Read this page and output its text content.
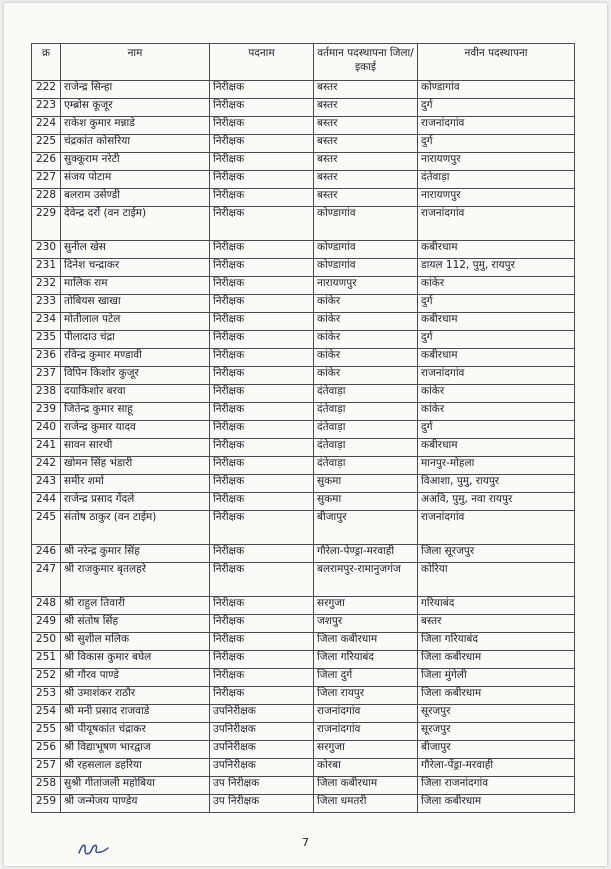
क्र	नाम	पदनाम	वर्तमान पदस्थापना जिला/ इकाई	नवीन पदस्थापना
222	राजेन्द्र सिन्हा	निरीक्षक	बस्तर	कोण्डागांव
223	एम्ब्रोस कूजूर	निरीक्षक	बस्तर	दुर्ग
224	राकेश कुमार मन्नाडे	निरीक्षक	बस्तर	राजनांदगांव
225	चंद्रकांत कोसरिया	निरीक्षक	बस्तर	दुर्ग
226	सुक्कूराम नरेटी	निरीक्षक	बस्तर	नारायणपुर
227	संजय पोटाम	निरीक्षक	बस्तर	दंतेवाड़ा
228	बलराम उसेण्डी	निरीक्षक	बस्तर	नारायणपुर
229	देवेन्द्र दर्रो (वन टाईम)	निरीक्षक	कोण्डागांव	राजनांदगांव
230	सुनील खेस	निरीक्षक	कोण्डागांव	कबीरधाम
231	दिनेश चन्द्राकर	निरीक्षक	कोण्डागांव	डायल 112, पुमु, रायपुर
232	मालिक राम	निरीक्षक	नारायणपुर	कांकेर
233	तोबियस खाखा	निरीक्षक	कांकेर	दुर्ग
234	मोतीलाल पटेल	निरीक्षक	कांकेर	कबीरधाम
235	पीलादाउ चंद्रा	निरीक्षक	कांकेर	दुर्ग
236	रविन्द्र कुमार मण्डावी	निरीक्षक	कांकेर	कबीरधाम
237	विपिन किशोर कुजूर	निरीक्षक	कांकेर	राजनांदगांव
238	दयाकिशोर बरवा	निरीक्षक	दंतेवाड़ा	कांकेर
239	जितेन्द्र कुमार साहू	निरीक्षक	दंतेवाड़ा	कांकेर
240	राजेन्द्र कुमार यादव	निरीक्षक	दंतेवाड़ा	दुर्ग
241	सावन सारथी	निरीक्षक	दंतेवाड़ा	कबीरधाम
242	खोमन सिंह भंडारी	निरीक्षक	दंतेवाड़ा	मानपुर-मोहला
243	समीर शर्मा	निरीक्षक	सुकमा	विआशा, पुमु, रायपुर
244	राजेन्द्र प्रसाद गेंदले	निरीक्षक	सुकमा	अअवि, पुमु, नवा रायपुर
245	संतोष ठाकुर (वन टाईम)	निरीक्षक	बीजापुर	राजनांदगांव
246	श्री नरेन्द्र कुमार सिंह	निरीक्षक	गौरेला-पेण्ड्रा-मरवाही	जिला सूरजपुर
247	श्री राजकुमार बृतलहरे	निरीक्षक	बलरामपुर-रामानुजगंज	कोरिया
248	श्री राहुल तिवारी	निरीक्षक	सरगुजा	गरियाबंद
249	श्री संतोष सिंह	निरीक्षक	जशपुर	बस्तर
250	श्री सुशील मलिक	निरीक्षक	जिला कबीरधाम	जिला गरियाबंद
251	श्री विकास कुमार बघेल	निरीक्षक	जिला गरियाबंद	जिला कबीरधाम
252	श्री गौरव पाण्डे	निरीक्षक	जिला दुर्ग	जिला मुंगेली
253	श्री उमाशंकर राठौर	निरीक्षक	जिला रायपुर	जिला कबीरधाम
254	श्री मनी प्रसाद राजवाडे	उपनिरीक्षक	राजनांदगांव	सूरजपुर
255	श्री पीयूषकांत चंद्राकर	उपनिरीक्षक	राजनांदगांव	सूरजपुर
256	श्री विद्याभूषण भारद्वाज	उपनिरीक्षक	सरगुजा	बीजापुर
257	श्री रहसलाल डहरिया	उपनिरीक्षक	कोरबा	गौरेला-पेंड्रा-मरवाही
258	सुश्री गीतांजली महोबिया	उप निरीक्षक	जिला कबीरधाम	जिला राजनांदगांव
259	श्री जन्मेजय पाण्डेय	उप निरीक्षक	जिला धमतरी	जिला कबीरधाम
7
